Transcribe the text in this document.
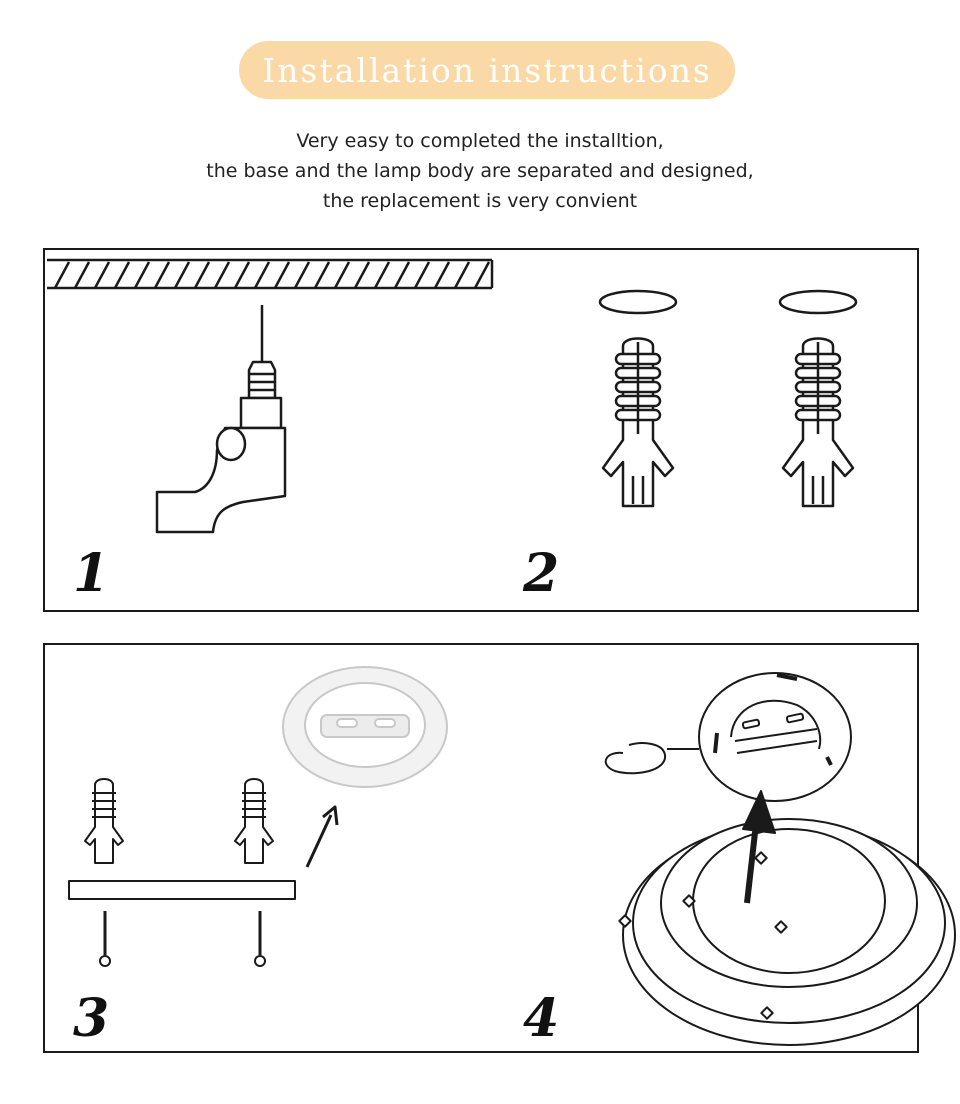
Installation instructions
Very easy to completed the installtion,
the base and the lamp body are separated and designed,
the replacement is very convient
1	2
3	4
